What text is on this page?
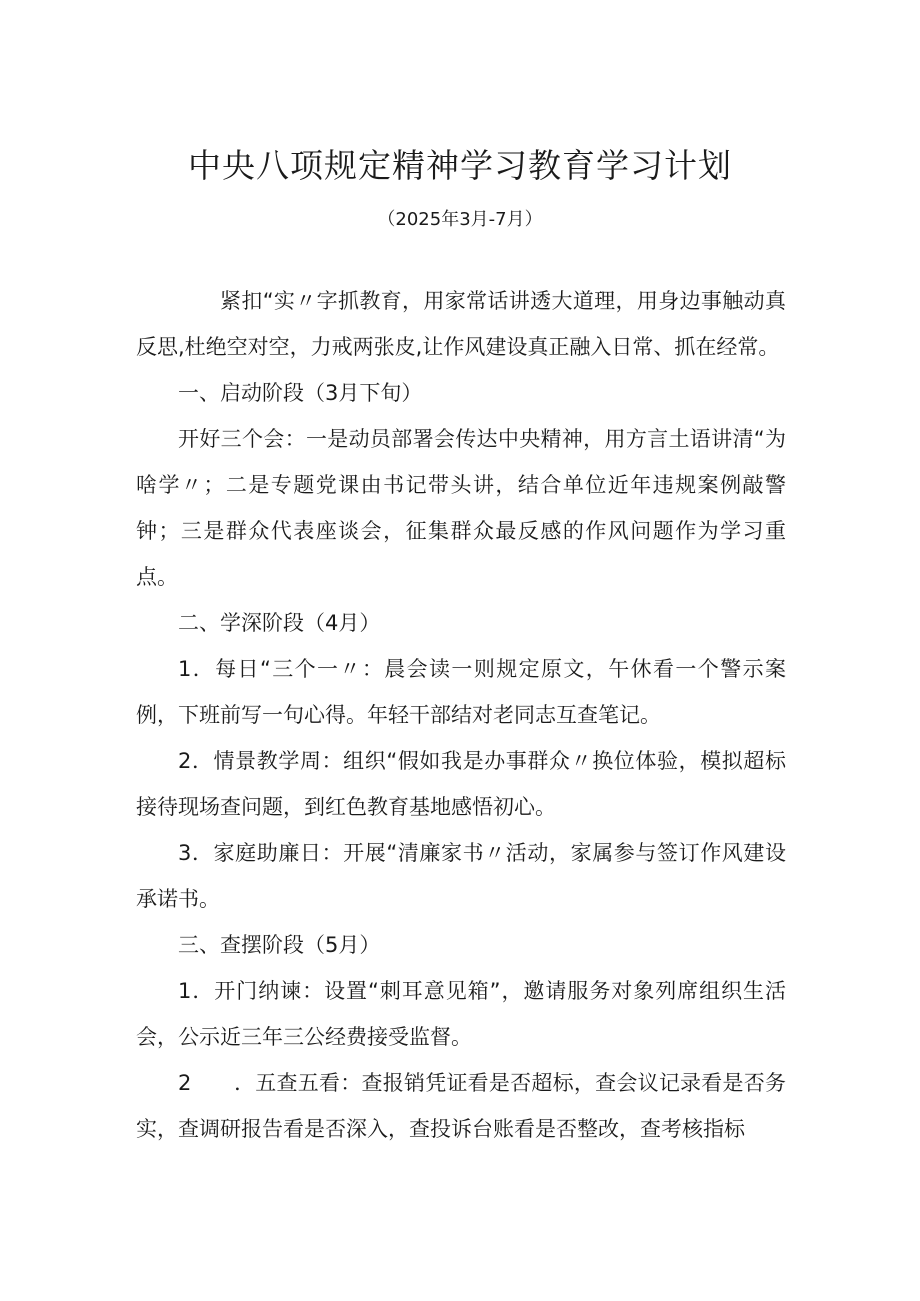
中央八项规定精神学习教育学习计划
（2025年3月-7月）

紧扣“实〃字抓教育，用家常话讲透大道理，用身边事触动真反思,杜绝空对空，力戒两张皮,让作风建设真正融入日常、抓在经常。

一、启动阶段（3月下旬）

开好三个会：一是动员部署会传达中央精神，用方言土语讲清“为啥学〃；二是专题党课由书记带头讲，结合单位近年违规案例敲警钟；三是群众代表座谈会，征集群众最反感的作风问题作为学习重点。

二、学深阶段（4月）

1．每日“三个一〃：晨会读一则规定原文，午休看一个警示案例，下班前写一句心得。年轻干部结对老同志互查笔记。

2．情景教学周：组织“假如我是办事群众〃换位体验，模拟超标接待现场查问题，到红色教育基地感悟初心。

3．家庭助廉日：开展“清廉家书〃活动，家属参与签订作风建设承诺书。

三、查摆阶段（5月）

1．开门纳谏：设置“刺耳意见箱”，邀请服务对象列席组织生活会，公示近三年三公经费接受监督。

2　　．五查五看：查报销凭证看是否超标，查会议记录看是否务实，查调研报告看是否深入，查投诉台账看是否整改，查考核指标
